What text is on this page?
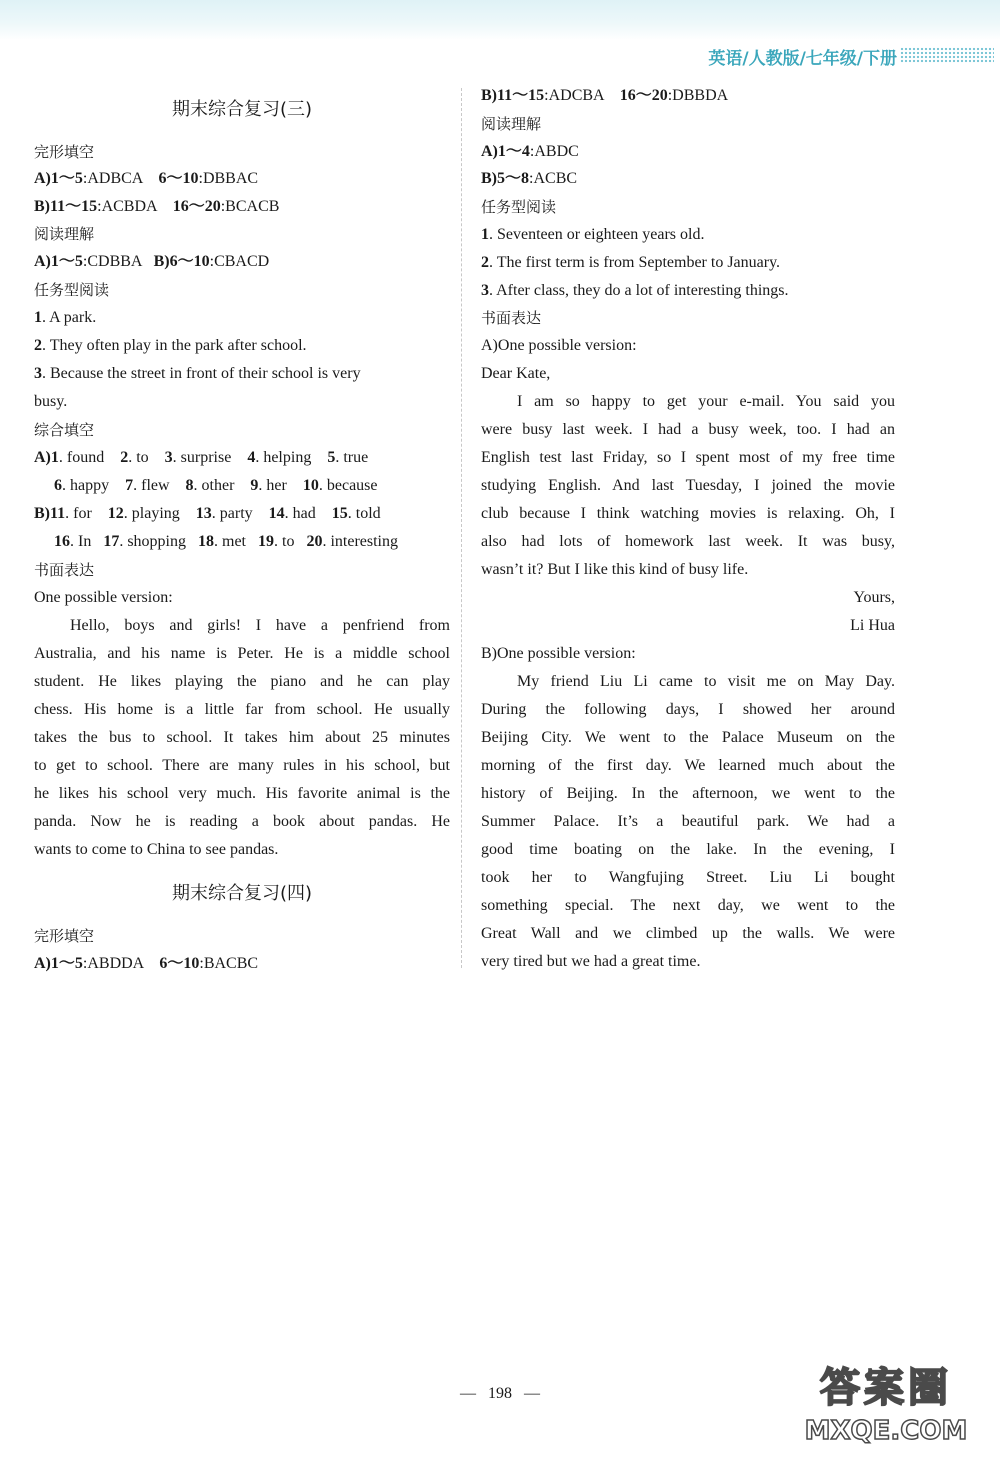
英语/人教版/七年级/下册
期末综合复习(三)
完形填空
A)1～5:ADBCA 6～10:DBBAC
B)11～15:ACBDA 16～20:BCACB
阅读理解
A)1～5:CDBBA B)6～10:CBACD
任务型阅读
1. A park.
2. They often play in the park after school.
3. Because the street in front of their school is very
busy.
综合填空
A)1. found 2. to 3. surprise 4. helping 5. true
6. happy 7. flew 8. other 9. her 10. because
B)11. for 12. playing 13. party 14. had 15. told
16. In 17. shopping 18. met 19. to 20. interesting
书面表达
One possible version:
Hello, boys and girls! I have a penfriend from
Australia, and his name is Peter. He is a middle school
student. He likes playing the piano and he can play
chess. His home is a little far from school. He usually
takes the bus to school. It takes him about 25 minutes
to get to school. There are many rules in his school, but
he likes his school very much. His favorite animal is the
panda. Now he is reading a book about pandas. He
wants to come to China to see pandas.
期末综合复习(四)
完形填空
A)1～5:ABDDA 6～10:BACBC
B)11～15:ADCBA 16～20:DBBDA
阅读理解
A)1～4:ABDC
B)5～8:ACBC
任务型阅读
1. Seventeen or eighteen years old.
2. The first term is from September to January.
3. After class, they do a lot of interesting things.
书面表达
A)One possible version:
Dear Kate,
I am so happy to get your e-mail. You said you
were busy last week. I had a busy week, too. I had an
English test last Friday, so I spent most of my free time
studying English. And last Tuesday, I joined the movie
club because I think watching movies is relaxing. Oh, I
also had lots of homework last week. It was busy,
wasn’t it? But I like this kind of busy life.
Yours,
Li Hua
B)One possible version:
My friend Liu Li came to visit me on May Day.
During the following days, I showed her around
Beijing City. We went to the Palace Museum on the
morning of the first day. We learned much about the
history of Beijing. In the afternoon, we went to the
Summer Palace. It’s a beautiful park. We had a
good time boating on the lake. In the evening, I
took her to Wangfujing Street. Liu Li bought
something special. The next day, we went to the
Great Wall and we climbed up the walls. We were
very tired but we had a great time.
— 198 —	答案圈
MXQE.COM
